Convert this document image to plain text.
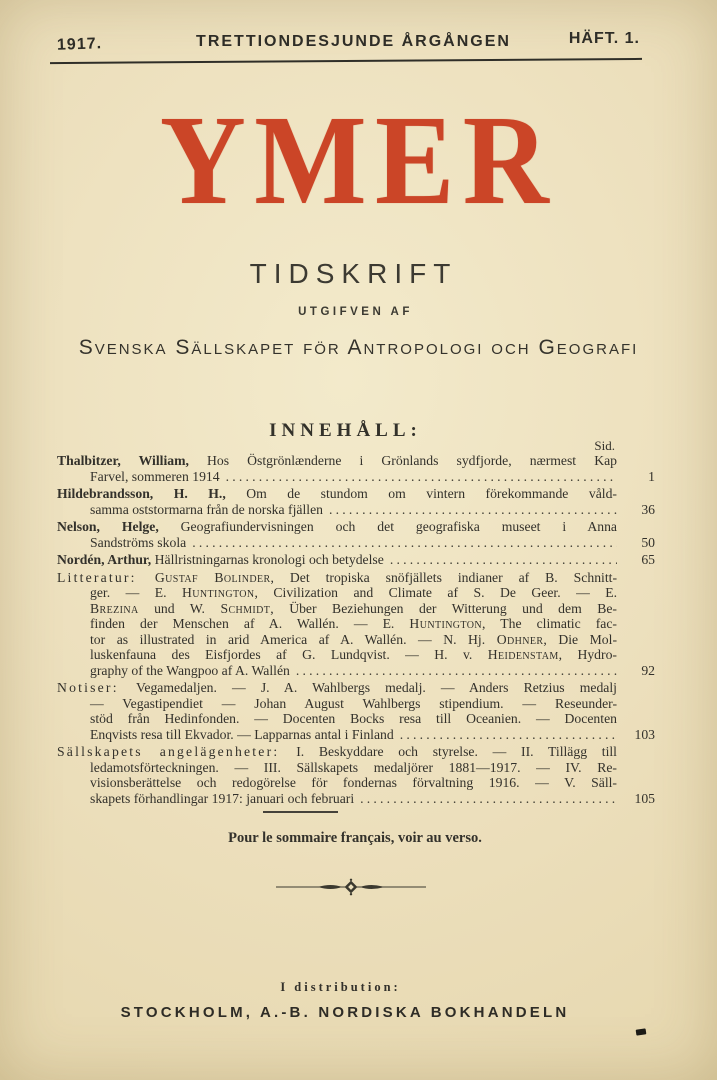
1917.	TRETTIONDESJUNDE ÅRGÅNGEN	HÄFT. 1.
YMER
TIDSKRIFT
UTGIFVEN AF
Svenska Sällskapet för Antropologi och Geografi
INNEHÅLL:
Sid.
Thalbitzer, William, Hos Östgrönlænderne i Grönlands sydfjorde, nærmest Kap
Farvel, sommeren 1914 .....	1
Hildebrandsson, H. H., Om de stundom om vintern förekommande våld-
samma oststormarna från de norska fjällen .....	36
Nelson, Helge, Geografiundervisningen och det geografiska museet i Anna
Sandströms skola .....	50
Nordén, Arthur, Hällristningarnas kronologi och betydelse .....	65
Litteratur: Gustaf Bolinder, Det tropiska snöfjällets indianer af B. Schnitt-
ger. — E. Huntington, Civilization and Climate af S. De Geer. — E.
Brezina und W. Schmidt, Über Beziehungen der Witterung und dem Be-
finden der Menschen af A. Wallén. — E. Huntington, The climatic fac-
tor as illustrated in arid America af A. Wallén. — N. Hj. Odhner, Die Mol-
luskenfauna des Eisfjordes af G. Lundqvist. — H. v. Heidenstam, Hydro-
graphy of the Wangpoo af A. Wallén .....	92
Notiser: Vegamedaljen. — J. A. Wahlbergs medalj. — Anders Retzius medalj
— Vegastipendiet — Johan August Wahlbergs stipendium. — Reseunder-
stöd från Hedinfonden. — Docenten Bocks resa till Oceanien. — Docenten
Enqvists resa till Ekvador. — Lapparnas antal i Finland .....	103
Sällskapets angelägenheter: I. Beskyddare och styrelse. — II. Tillägg till
ledamotsförteckningen. — III. Sällskapets medaljörer 1881—1917. — IV. Re-
visionsberättelse och redogörelse för fondernas förvaltning 1916. — V. Säll-
skapets förhandlingar 1917: januari och februari .....	105
Pour le sommaire français, voir au verso.
I distribution:
STOCKHOLM, A.-B. NORDISKA BOKHANDELN
